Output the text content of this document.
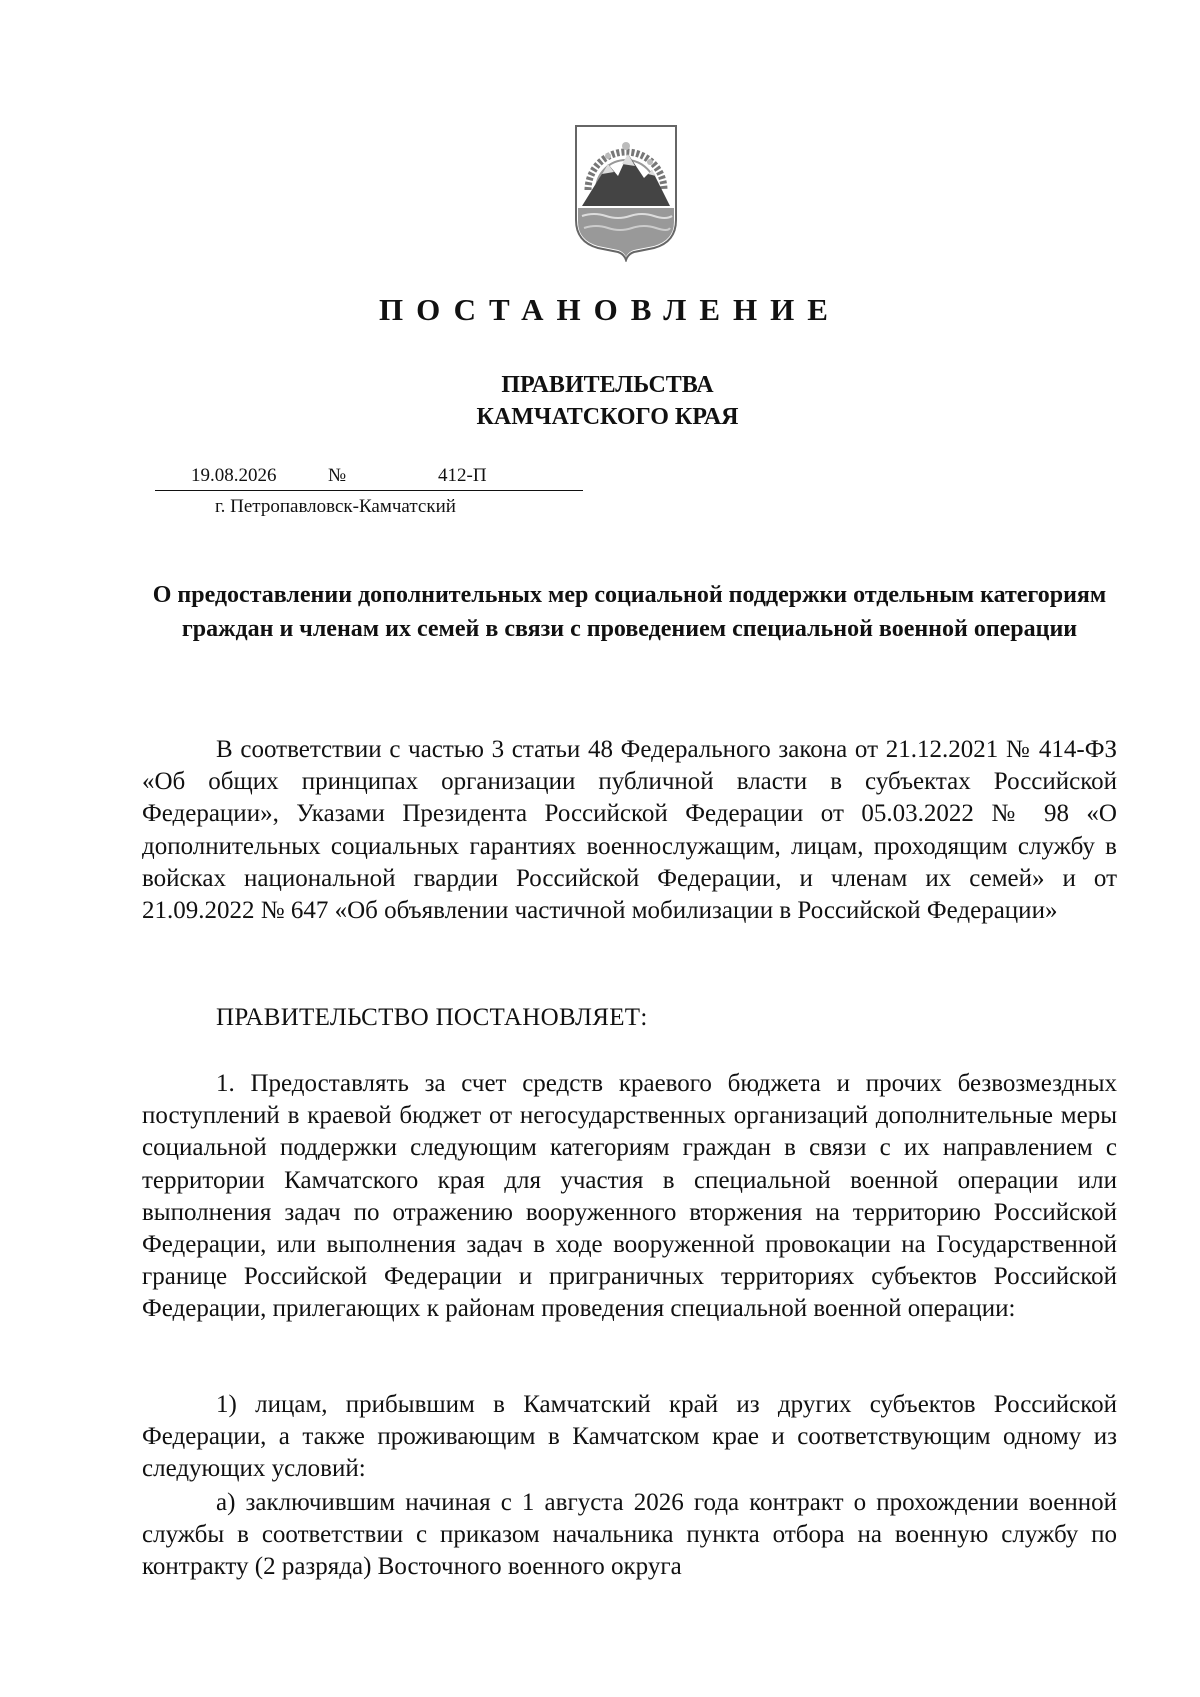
ПОСТАНОВЛЕНИЕ
ПРАВИТЕЛЬСТВА
КАМЧАТСКОГО КРАЯ
19.08.2026	№	412-П
г. Петропавловск-Камчатский
О предоставлении дополнительных мер социальной поддержки отдельным категориям граждан и членам их семей в связи с проведением специальной военной операции

В соответствии с частью 3 статьи 48 Федерального закона от 21.12.2021 № 414-ФЗ «Об общих принципах организации публичной власти в субъектах Российской Федерации», Указами Президента Российской Федерации от 05.03.2022 № 98 «О дополнительных социальных гарантиях военнослужащим, лицам, проходящим службу в войсках национальной гвардии Российской Федерации, и членам их семей» и от 21.09.2022 № 647 «Об объявлении частичной мобилизации в Российской Федерации»

ПРАВИТЕЛЬСТВО ПОСТАНОВЛЯЕТ:

1. Предоставлять за счет средств краевого бюджета и прочих безвозмездных поступлений в краевой бюджет от негосударственных организаций дополнительные меры социальной поддержки следующим категориям граждан в связи с их направлением с территории Камчатского края для участия в специальной военной операции или выполнения задач по отражению вооруженного вторжения на территорию Российской Федерации, или выполнения задач в ходе вооруженной провокации на Государственной границе Российской Федерации и приграничных территориях субъектов Российской Федерации, прилегающих к районам проведения специальной военной операции:

1) лицам, прибывшим в Камчатский край из других субъектов Российской Федерации, а также проживающим в Камчатском крае и соответствующим одному из следующих условий:

а) заключившим начиная с 1 августа 2026 года контракт о прохождении военной службы в соответствии с приказом начальника пункта отбора на военную службу по контракту (2 разряда) Восточного военного округа
